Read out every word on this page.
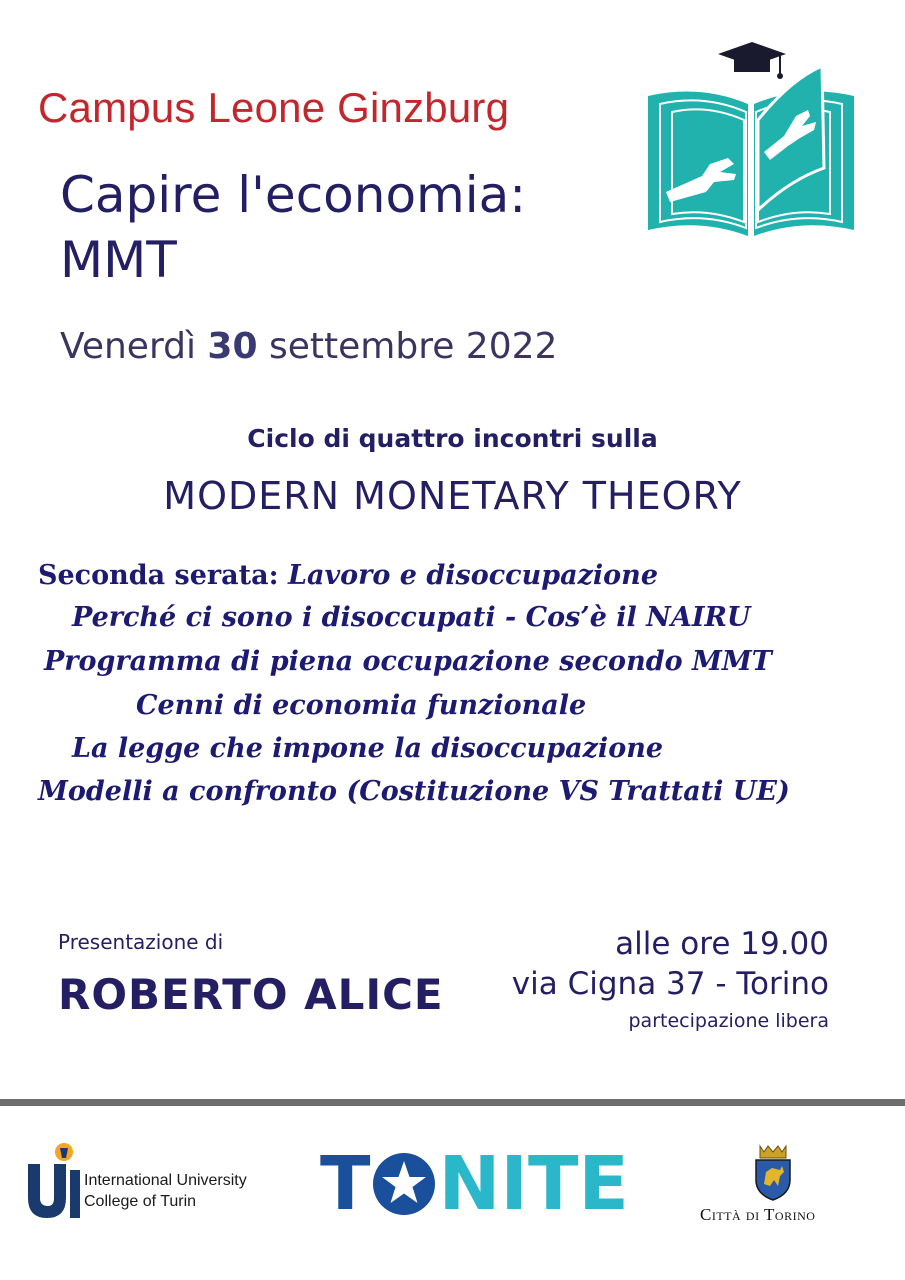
Campus Leone Ginzburg
Capire l'economia:
MMT
Venerdì 30 settembre 2022
Ciclo di quattro incontri sulla
MODERN MONETARY THEORY
Seconda serata: Lavoro e disoccupazione
Perché ci sono i disoccupati - Cos’è il NAIRU
Programma di piena occupazione secondo MMT
Cenni di economia funzionale
La legge che impone la disoccupazione
Modelli a confronto (Costituzione VS Trattati UE)
Presentazione di
ROBERTO ALICE
alle ore 19.00
via Cigna 37 - Torino
partecipazione libera
International University
College of Turin T NITE	Città di Torino
